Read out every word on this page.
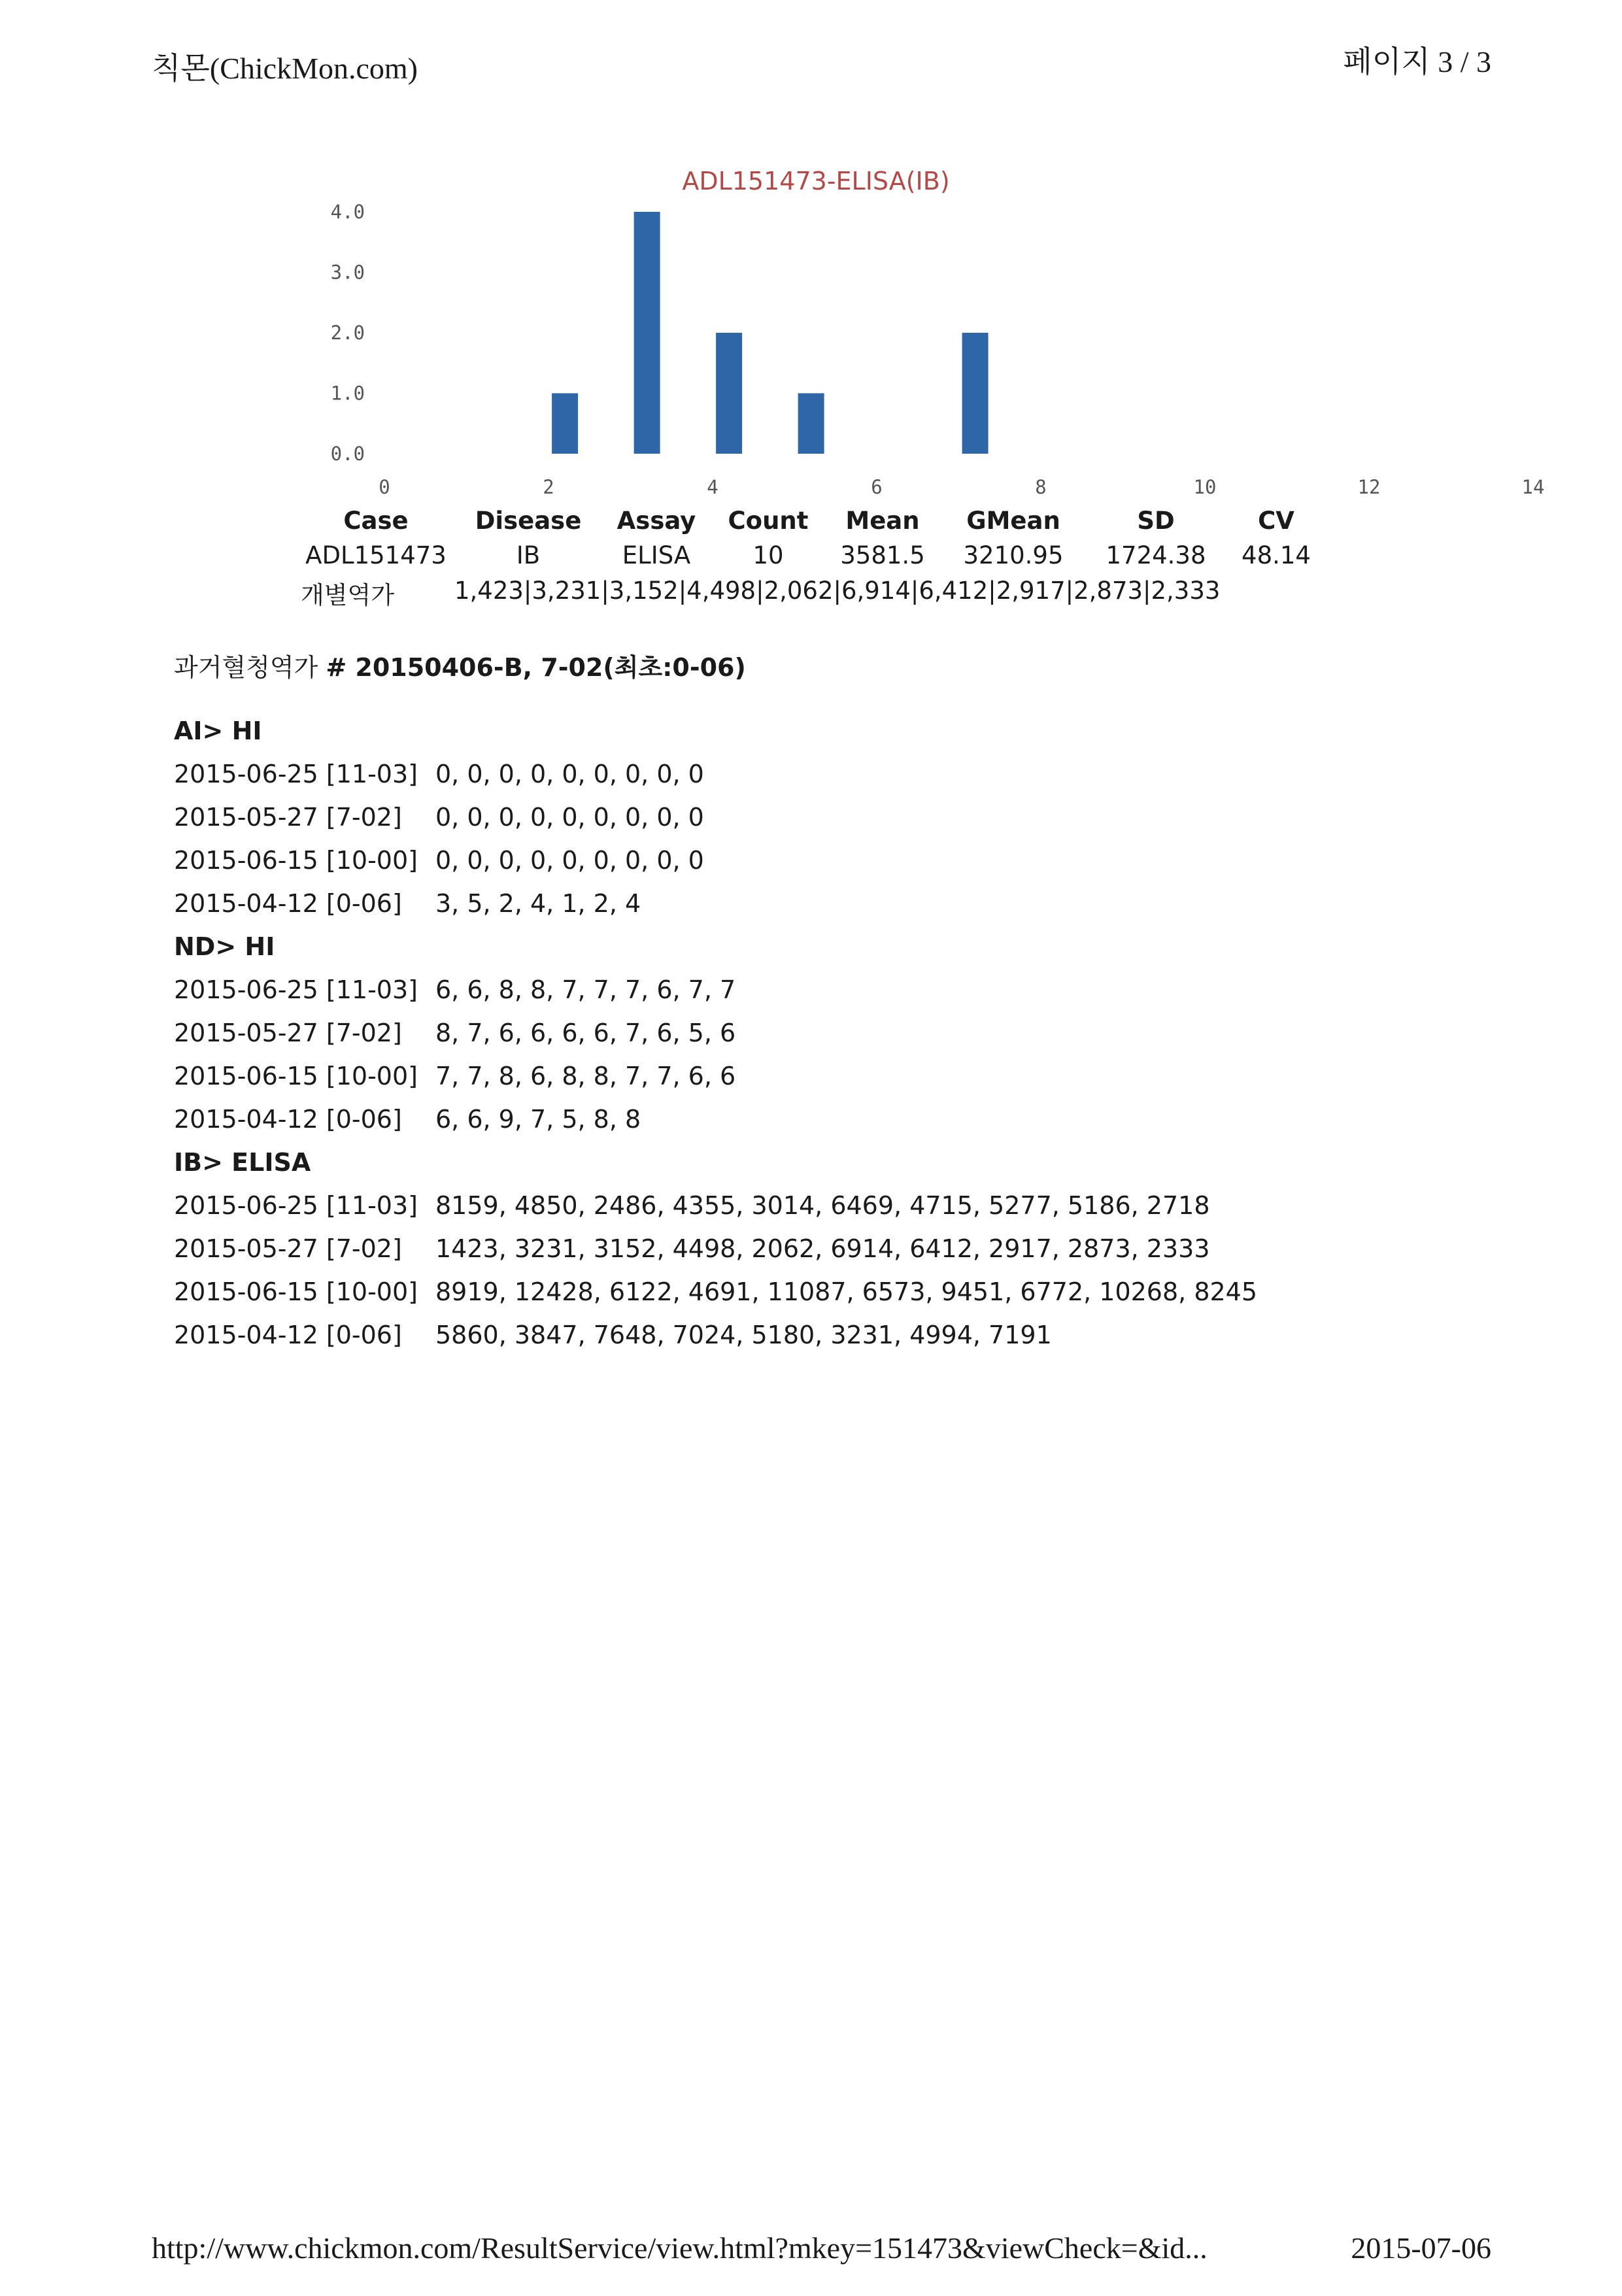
칙몬(ChickMon.com)	페이지 3 / 3
ADL151473-ELISA(IB)
0.0
1.0
2.0
3.0
4.0
0	2	4	6	8	10	12	14
Case	Disease	Assay	Count	Mean	GMean	SD	CV
ADL151473	IB	ELISA	10	3581.5	3210.95	1724.38	48.14
개별역가 1,423|3,231|3,152|4,498|2,062|6,914|6,412|2,917|2,873|2,333
과거혈청역가 # 20150406-B, 7-02(최초:0-06)
AI> HI
2015-06-25 [11-03] 0, 0, 0, 0, 0, 0, 0, 0, 0
2015-05-27 [7-02] 0, 0, 0, 0, 0, 0, 0, 0, 0
2015-06-15 [10-00] 0, 0, 0, 0, 0, 0, 0, 0, 0
2015-04-12 [0-06] 3, 5, 2, 4, 1, 2, 4
ND> HI
2015-06-25 [11-03] 6, 6, 8, 8, 7, 7, 7, 6, 7, 7
2015-05-27 [7-02] 8, 7, 6, 6, 6, 6, 7, 6, 5, 6
2015-06-15 [10-00] 7, 7, 8, 6, 8, 8, 7, 7, 6, 6
2015-04-12 [0-06] 6, 6, 9, 7, 5, 8, 8
IB> ELISA
2015-06-25 [11-03] 8159, 4850, 2486, 4355, 3014, 6469, 4715, 5277, 5186, 2718
2015-05-27 [7-02] 1423, 3231, 3152, 4498, 2062, 6914, 6412, 2917, 2873, 2333
2015-06-15 [10-00] 8919, 12428, 6122, 4691, 11087, 6573, 9451, 6772, 10268, 8245
2015-04-12 [0-06] 5860, 3847, 7648, 7024, 5180, 3231, 4994, 7191
http://www.chickmon.com/ResultService/view.html?mkey=151473&viewCheck=&id...	2015-07-06
